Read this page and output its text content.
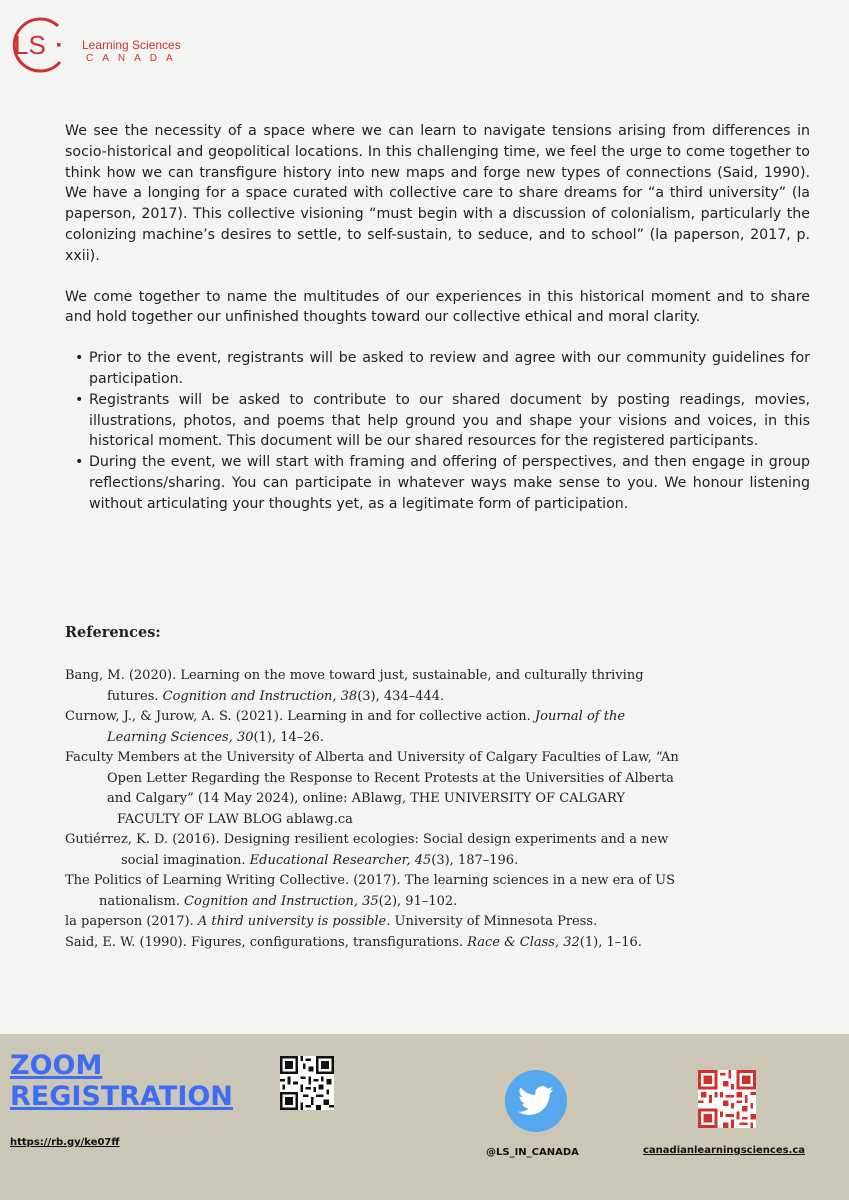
LS	Learning Sciences
CANADA

We see the necessity of a space where we can learn to navigate tensions arising from differences in socio-historical and geopolitical locations. In this challenging time, we feel the urge to come together to think how we can transfigure history into new maps and forge new types of connections (Said, 1990). We have a longing for a space curated with collective care to share dreams for “a third university” (la paperson, 2017). This collective visioning “must begin with a discussion of colonialism, particularly the colonizing machine’s desires to settle, to self-sustain, to seduce, and to school” (la paperson, 2017, p. xxii).

We come together to name the multitudes of our experiences in this historical moment and to share and hold together our unfinished thoughts toward our collective ethical and moral clarity.

• Prior to the event, registrants will be asked to review and agree with our community guidelines for participation.
• Registrants will be asked to contribute to our shared document by posting readings, movies, illustrations, photos, and poems that help ground you and shape your visions and voices, in this historical moment. This document will be our shared resources for the registered participants.
• During the event, we will start with framing and offering of perspectives, and then engage in group reflections/sharing. You can participate in whatever ways make sense to you. We honour listening without articulating your thoughts yet, as a legitimate form of participation.
References:
Bang, M. (2020). Learning on the move toward just, sustainable, and culturally thriving
futures. Cognition and Instruction, 38(3), 434–444.
Curnow, J., & Jurow, A. S. (2021). Learning in and for collective action. Journal of the
Learning Sciences, 30(1), 14–26.
Faculty Members at the University of Alberta and University of Calgary Faculties of Law, “An
Open Letter Regarding the Response to Recent Protests at the Universities of Alberta
and Calgary” (14 May 2024), online: ABlawg, THE UNIVERSITY OF CALGARY
FACULTY OF LAW BLOG ablawg.ca
Gutiérrez, K. D. (2016). Designing resilient ecologies: Social design experiments and a new
social imagination. Educational Researcher, 45(3), 187–196.
The Politics of Learning Writing Collective. (2017). The learning sciences in a new era of US
nationalism. Cognition and Instruction, 35(2), 91–102.
la paperson (2017). A third university is possible. University of Minnesota Press.
Said, E. W. (1990). Figures, configurations, transfigurations. Race & Class, 32(1), 1–16.
ZOOM
REGISTRATION
https://rb.gy/ke07ff
@LS_IN_CANADA	canadianlearningsciences.ca
